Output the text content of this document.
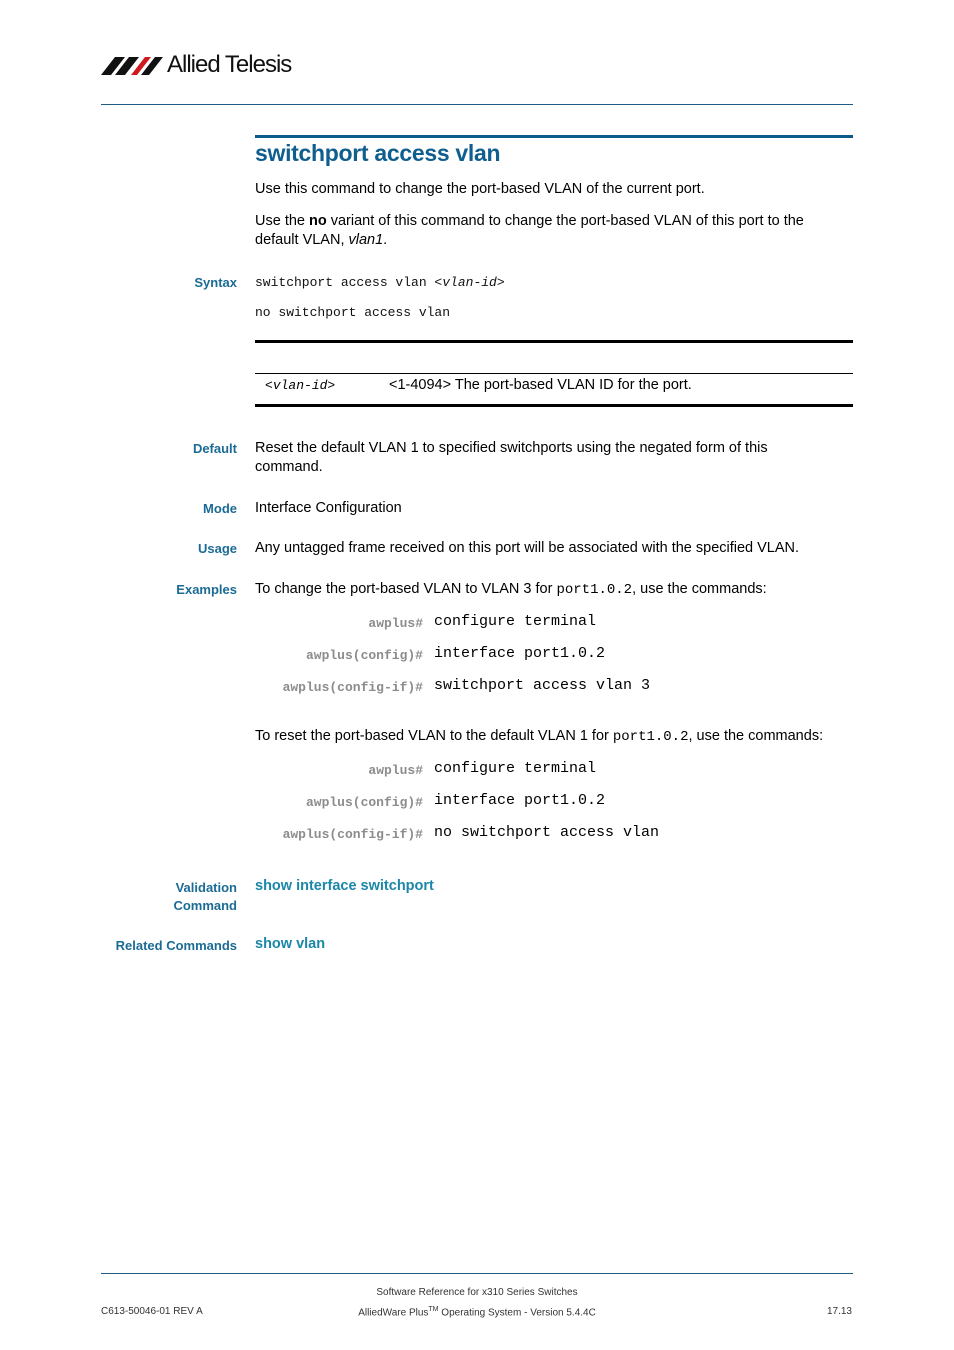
Allied Telesis
switchport access vlan
Use this command to change the port-based VLAN of the current port.
Use the no variant of this command to change the port-based VLAN of this port to the
default VLAN, vlan1.
Syntax switchport access vlan <vlan-id>
no switchport access vlan
<vlan-id>	<1-4094> The port-based VLAN ID for the port.
Default Reset the default VLAN 1 to specified switchports using the negated form of this
command.
Mode Interface Configuration
Usage Any untagged frame received on this port will be associated with the specified VLAN.
Examples To change the port-based VLAN to VLAN 3 for port1.0.2, use the commands:
awplus# configure terminal
awplus(config)# interface port1.0.2
awplus(config-if)# switchport access vlan 3
To reset the port-based VLAN to the default VLAN 1 for port1.0.2, use the commands:
awplus# configure terminal
awplus(config)# interface port1.0.2
awplus(config-if)# no switchport access vlan
Validation
Command
show interface switchport
Related Commands show vlan
C613-50046-01 REV A
Software Reference for x310 Series Switches
AlliedWare Plus™ Operating System - Version 5.4.4C	17.13
